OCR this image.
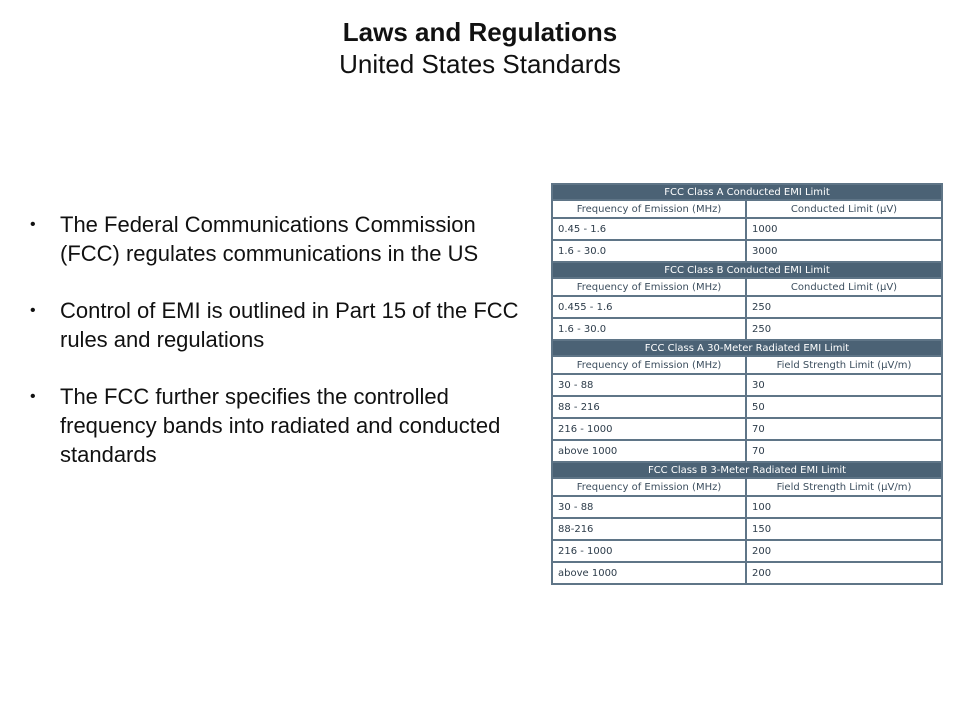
Laws and Regulations
United States Standards
• The Federal Communications Commission (FCC) regulates communications in the US
• Control of EMI is outlined in Part 15 of the FCC rules and regulations
• The FCC further specifies the controlled frequency bands into radiated and conducted standards
FCC Class A Conducted EMI Limit	
Frequency of Emission (MHz)	Conducted Limit (μV)
0.45 - 1.6	1000
1.6 - 30.0	3000
FCC Class B Conducted EMI Limit	
Frequency of Emission (MHz)	Conducted Limit (μV)
0.455 - 1.6	250
1.6 - 30.0	250
FCC Class A 30-Meter Radiated EMI Limit	
Frequency of Emission (MHz)	Field Strength Limit (μV/m)
30 - 88	30
88 - 216	50
216 - 1000	70
above 1000	70
FCC Class B 3-Meter Radiated EMI Limit	
Frequency of Emission (MHz)	Field Strength Limit (μV/m)
30 - 88	100
88-216	150
216 - 1000	200
above 1000	200
